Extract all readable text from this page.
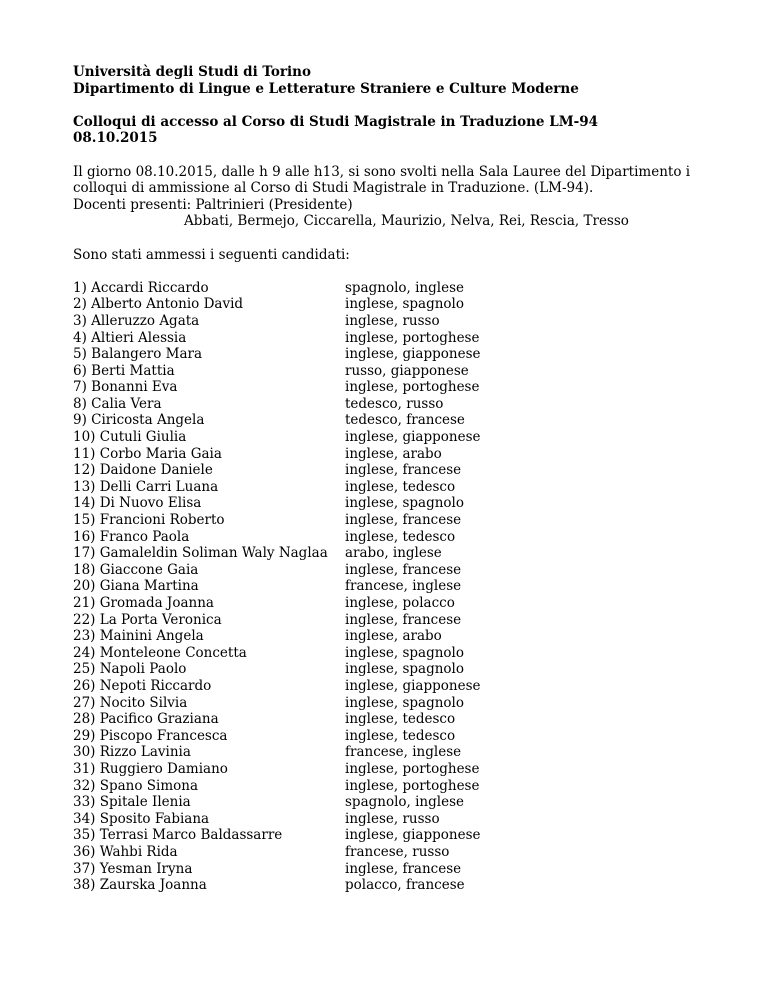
Università degli Studi di Torino
Dipartimento di Lingue e Letterature Straniere e Culture Moderne
Colloqui di accesso al Corso di Studi Magistrale in Traduzione LM-94
08.10.2015
Il giorno 08.10.2015, dalle h 9 alle h13, si sono svolti nella Sala Lauree del Dipartimento i
colloqui di ammissione al Corso di Studi Magistrale in Traduzione. (LM-94).
Docenti presenti: Paltrinieri (Presidente)
Abbati, Bermejo, Ciccarella, Maurizio, Nelva, Rei, Rescia, Tresso
Sono stati ammessi i seguenti candidati:
1) Accardi Riccardo	spagnolo, inglese
2) Alberto Antonio David	inglese, spagnolo
3) Alleruzzo Agata	inglese, russo
4) Altieri Alessia	inglese, portoghese
5) Balangero Mara	inglese, giapponese
6) Berti Mattia	russo, giapponese
7) Bonanni Eva	inglese, portoghese
8) Calia Vera	tedesco, russo
9) Ciricosta Angela	tedesco, francese
10) Cutuli Giulia	inglese, giapponese
11) Corbo Maria Gaia	inglese, arabo
12) Daidone Daniele	inglese, francese
13) Delli Carri Luana	inglese, tedesco
14) Di Nuovo Elisa	inglese, spagnolo
15) Francioni Roberto	inglese, francese
16) Franco Paola	inglese, tedesco
17) Gamaleldin Soliman Waly Naglaa	arabo, inglese
18) Giaccone Gaia	inglese, francese
20) Giana Martina	francese, inglese
21) Gromada Joanna	inglese, polacco
22) La Porta Veronica	inglese, francese
23) Mainini Angela	inglese, arabo
24) Monteleone Concetta	inglese, spagnolo
25) Napoli Paolo	inglese, spagnolo
26) Nepoti Riccardo	inglese, giapponese
27) Nocito Silvia	inglese, spagnolo
28) Pacifico Graziana	inglese, tedesco
29) Piscopo Francesca	inglese, tedesco
30) Rizzo Lavinia	francese, inglese
31) Ruggiero Damiano	inglese, portoghese
32) Spano Simona	inglese, portoghese
33) Spitale Ilenia	spagnolo, inglese
34) Sposito Fabiana	inglese, russo
35) Terrasi Marco Baldassarre	inglese, giapponese
36) Wahbi Rida	francese, russo
37) Yesman Iryna	inglese, francese
38) Zaurska Joanna	polacco, francese
